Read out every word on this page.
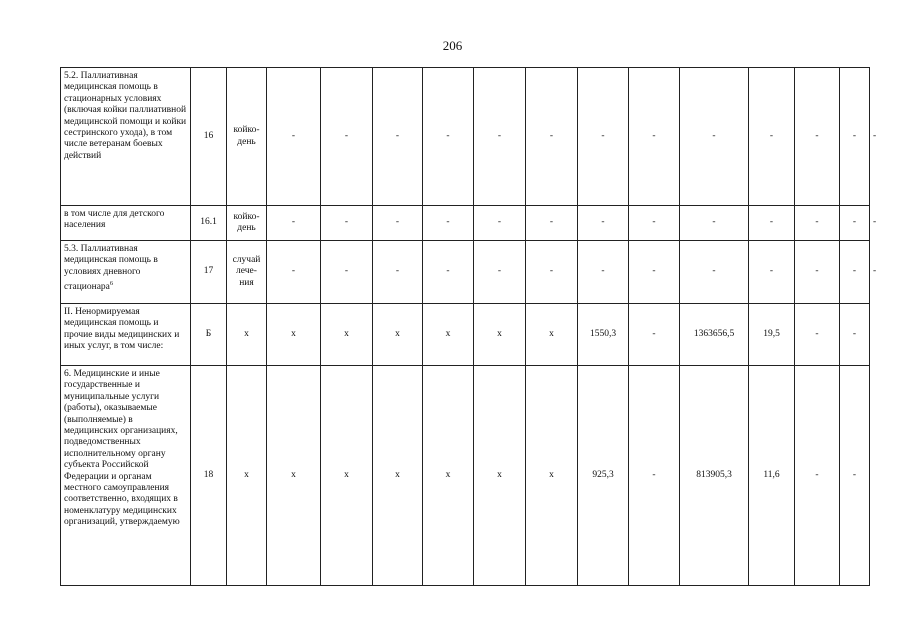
206
5.2. Паллиативная медицинская помощь в стационарных условиях (включая койки паллиативной медицинской помощи и койки сестринского ухода), в том числе ветеранам боевых действий	16	койко-
день	-	-	-	-	-	-	-	-	-	-	-	-	-
в том числе для детского населения	16.1	койко-
день	-	-	-	-	-	-	-	-	-	-	-	-	-
5.3. Паллиативная медицинская помощь в условиях дневного стационара$^6$	17	случай
лече-
ния	-	-	-	-	-	-	-	-	-	-	-	-	-
II. Ненормируемая медицинская помощь и прочие виды медицинских и иных услуг, в том числе:	Б	х	х	х	х	х	х	х	1550,3	-	1363656,5	19,5	-	-	
6. Медицинские и иные государственные и муниципальные услуги (работы), оказываемые (выполняемые) в медицинских организациях, подведомственных исполнительному органу субъекта Российской Федерации и органам местного самоуправления соответственно, входящих в номенклатуру медицинских организаций, утверждаемую	18	х	х	х	х	х	х	х	925,3	-	813905,3	11,6	-	-	
